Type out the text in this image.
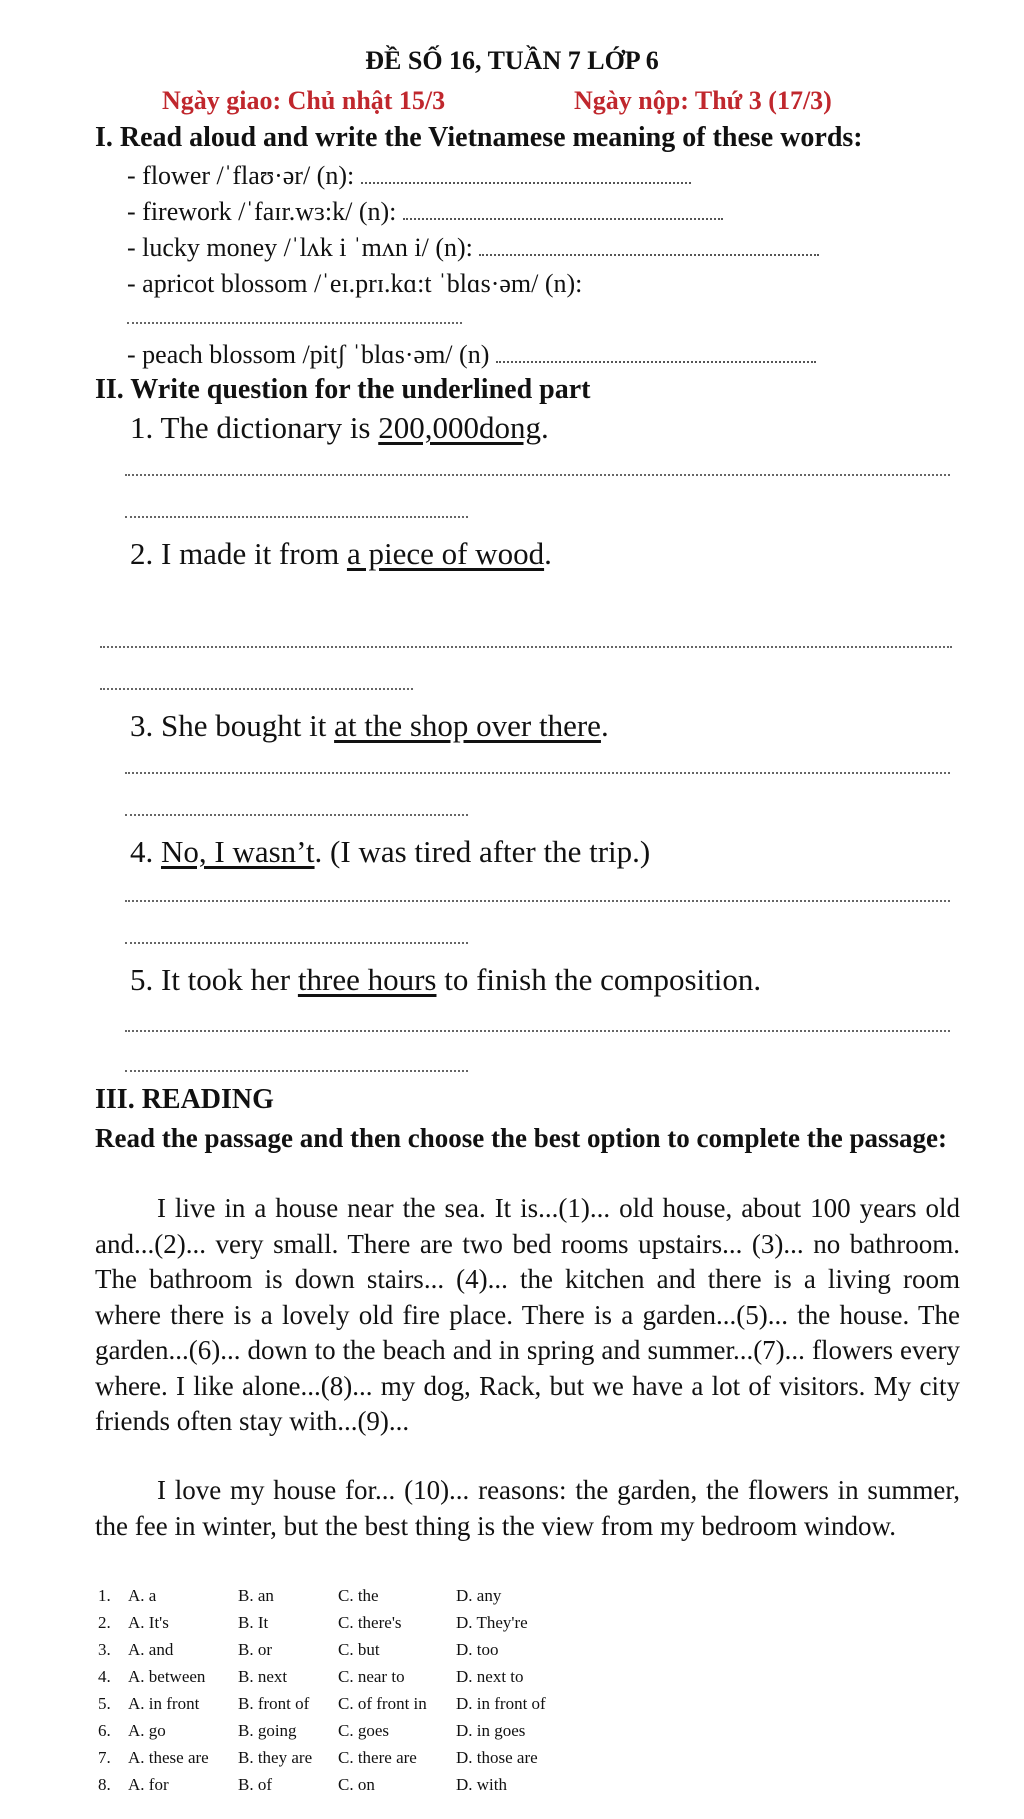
ĐỀ SỐ 16, TUẦN 7 LỚP 6
Ngày giao: Chủ nhật 15/3	Ngày nộp: Thứ 3 (17/3)
I. Read aloud and write the Vietnamese meaning of these words:
- flower /ˈflaʊ·ər/ (n):
- firework /ˈfaɪr.wɜ:k/ (n):
- lucky money /ˈlʌk i ˈmʌn i/ (n):
- apricot blossom /ˈeɪ.prɪ.kɑ:t ˈblɑs·əm/ (n):
- peach blossom /pitʃ ˈblɑs·əm/ (n)
II. Write question for the underlined part
1. The dictionary is 200,000dong.
2. I made it from a piece of wood.
3. She bought it at the shop over there.
4. No, I wasn’t. (I was tired after the trip.)
5. It took her three hours to finish the composition.
III. READING
Read the passage and then choose the best option to complete the passage:
I live in a house near the sea. It is...(1)... old house, about 100 years old and...(2)... very small. There are two bed rooms upstairs... (3)... no bathroom. The bathroom is down stairs... (4)... the kitchen and there is a living room where there is a lovely old fire place. There is a garden...(5)... the house. The garden...(6)... down to the beach and in spring and summer...(7)... flowers every where. I like alone...(8)... my dog, Rack, but we have a lot of visitors. My city friends often stay with...(9)...
I love my house for... (10)... reasons: the garden, the flowers in summer, the fee in winter, but the best thing is the view from my bedroom window.
1.	A. a	B. an	C. the	D. any
2.	A. It's	B. It	C. there's	D. They're
3.	A. and	B. or	C. but	D. too
4.	A. between	B. next	C. near to	D. next to
5.	A. in front	B. front of	C. of front in	D. in front of
6.	A. go	B. going	C. goes	D. in goes
7.	A. these are	B. they are	C. there are	D. those are
8.	A. for	B. of	C. on	D. with
